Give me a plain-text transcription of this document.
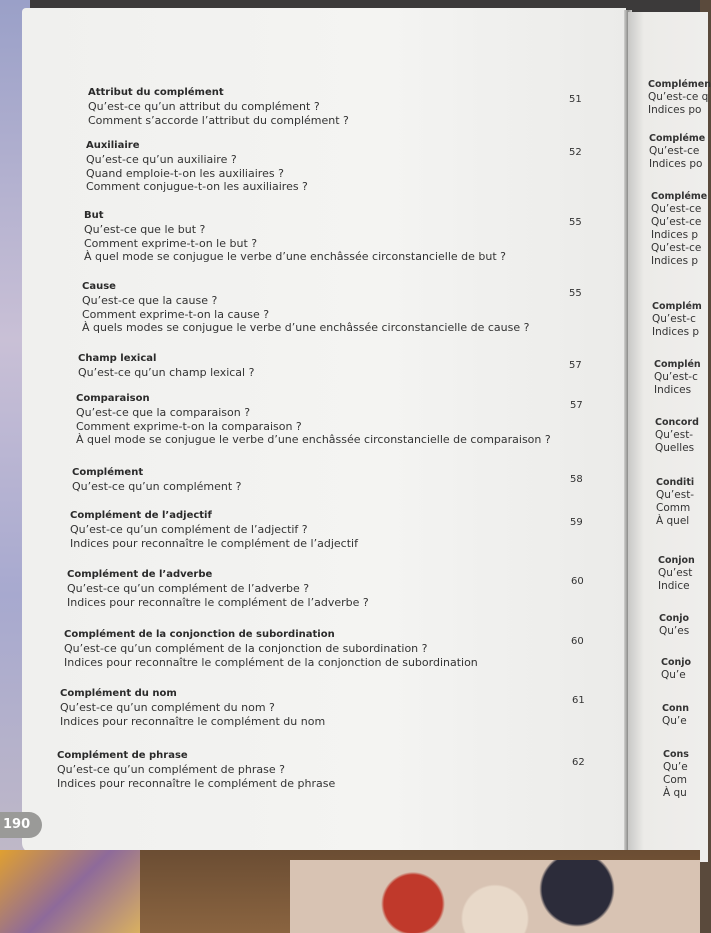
190
Attribut du complément
Qu’est-ce qu’un attribut du complément ?
Comment s’accorde l’attribut du complément ?
51
Auxiliaire
Qu’est-ce qu’un auxiliaire ?
Quand emploie-t-on les auxiliaires ?
Comment conjugue-t-on les auxiliaires ?
52
But
Qu’est-ce que le but ?
Comment exprime-t-on le but ?
À quel mode se conjugue le verbe d’une enchâssée circonstancielle de but ?
55
Cause
Qu’est-ce que la cause ?
Comment exprime-t-on la cause ?
À quels modes se conjugue le verbe d’une enchâssée circonstancielle de cause ?
55
Champ lexical
Qu’est-ce qu’un champ lexical ?
57
Comparaison
Qu’est-ce que la comparaison ?
Comment exprime-t-on la comparaison ?
À quel mode se conjugue le verbe d’une enchâssée circonstancielle de comparaison ?
57
Complément
Qu’est-ce qu’un complément ?
58
Complément de l’adjectif
Qu’est-ce qu’un complément de l’adjectif ?
Indices pour reconnaître le complément de l’adjectif
59
Complément de l’adverbe
Qu’est-ce qu’un complément de l’adverbe ?
Indices pour reconnaître le complément de l’adverbe ?
60
Complément de la conjonction de subordination
Qu’est-ce qu’un complément de la conjonction de subordination ?
Indices pour reconnaître le complément de la conjonction de subordination
60
Complément du nom
Qu’est-ce qu’un complément du nom ?
Indices pour reconnaître le complément du nom
61
Complément de phrase
Qu’est-ce qu’un complément de phrase ?
Indices pour reconnaître le complément de phrase
62
Complémen
Qu’est-ce q
Indices po
Compléme
Qu’est-ce
Indices po
Compléme
Qu’est-ce
Qu’est-ce
Indices p
Qu’est-ce
Indices p
Complém
Qu’est-c
Indices p
Complén
Qu’est-c
Indices
Concord
Qu’est-
Quelles
Conditi
Qu’est-
Comm
À quel
Conjon
Qu’est
Indice
Conjo
Qu’es
Conjo
Qu’e
Conn
Qu’e
Cons
Qu’e
Com
À qu
